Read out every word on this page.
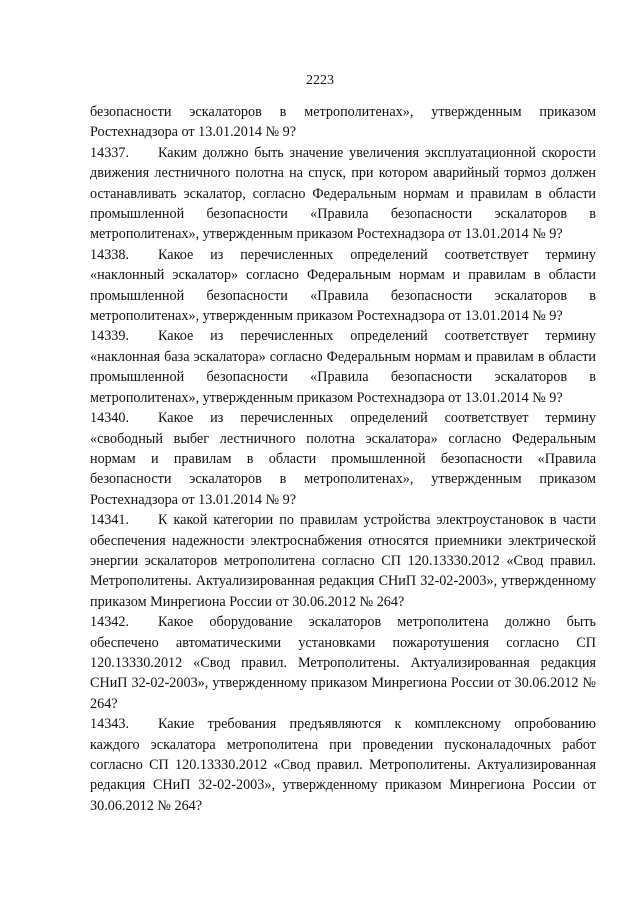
2223

безопасности эскалаторов в метрополитенах», утвержденным приказом Ростехнадзора от 13.01.2014 № 9?

14337. Каким должно быть значение увеличения эксплуатационной скорости движения лестничного полотна на спуск, при котором аварийный тормоз должен останавливать эскалатор, согласно Федеральным нормам и правилам в области промышленной безопасности «Правила безопасности эскалаторов в метрополитенах», утвержденным приказом Ростехнадзора от 13.01.2014 № 9?

14338. Какое из перечисленных определений соответствует термину «наклонный эскалатор» согласно Федеральным нормам и правилам в области промышленной безопасности «Правила безопасности эскалаторов в метрополитенах», утвержденным приказом Ростехнадзора от 13.01.2014 № 9?

14339. Какое из перечисленных определений соответствует термину «наклонная база эскалатора» согласно Федеральным нормам и правилам в области промышленной безопасности «Правила безопасности эскалаторов в метрополитенах», утвержденным приказом Ростехнадзора от 13.01.2014 № 9?

14340. Какое из перечисленных определений соответствует термину «свободный выбег лестничного полотна эскалатора» согласно Федеральным нормам и правилам в области промышленной безопасности «Правила безопасности эскалаторов в метрополитенах», утвержденным приказом Ростехнадзора от 13.01.2014 № 9?

14341. К какой категории по правилам устройства электроустановок в части обеспечения надежности электроснабжения относятся приемники электрической энергии эскалаторов метрополитена согласно СП 120.13330.2012 «Свод правил. Метрополитены. Актуализированная редакция СНиП 32-02-2003», утвержденному приказом Минрегиона России от 30.06.2012 № 264?

14342. Какое оборудование эскалаторов метрополитена должно быть обеспечено автоматическими установками пожаротушения согласно СП 120.13330.2012 «Свод правил. Метрополитены. Актуализированная редакция СНиП 32-02-2003», утвержденному приказом Минрегиона России от 30.06.2012 № 264?

14343. Какие требования предъявляются к комплексному опробованию каждого эскалатора метрополитена при проведении пусконаладочных работ согласно СП 120.13330.2012 «Свод правил. Метрополитены. Актуализированная редакция СНиП 32-02-2003», утвержденному приказом Минрегиона России от 30.06.2012 № 264?
